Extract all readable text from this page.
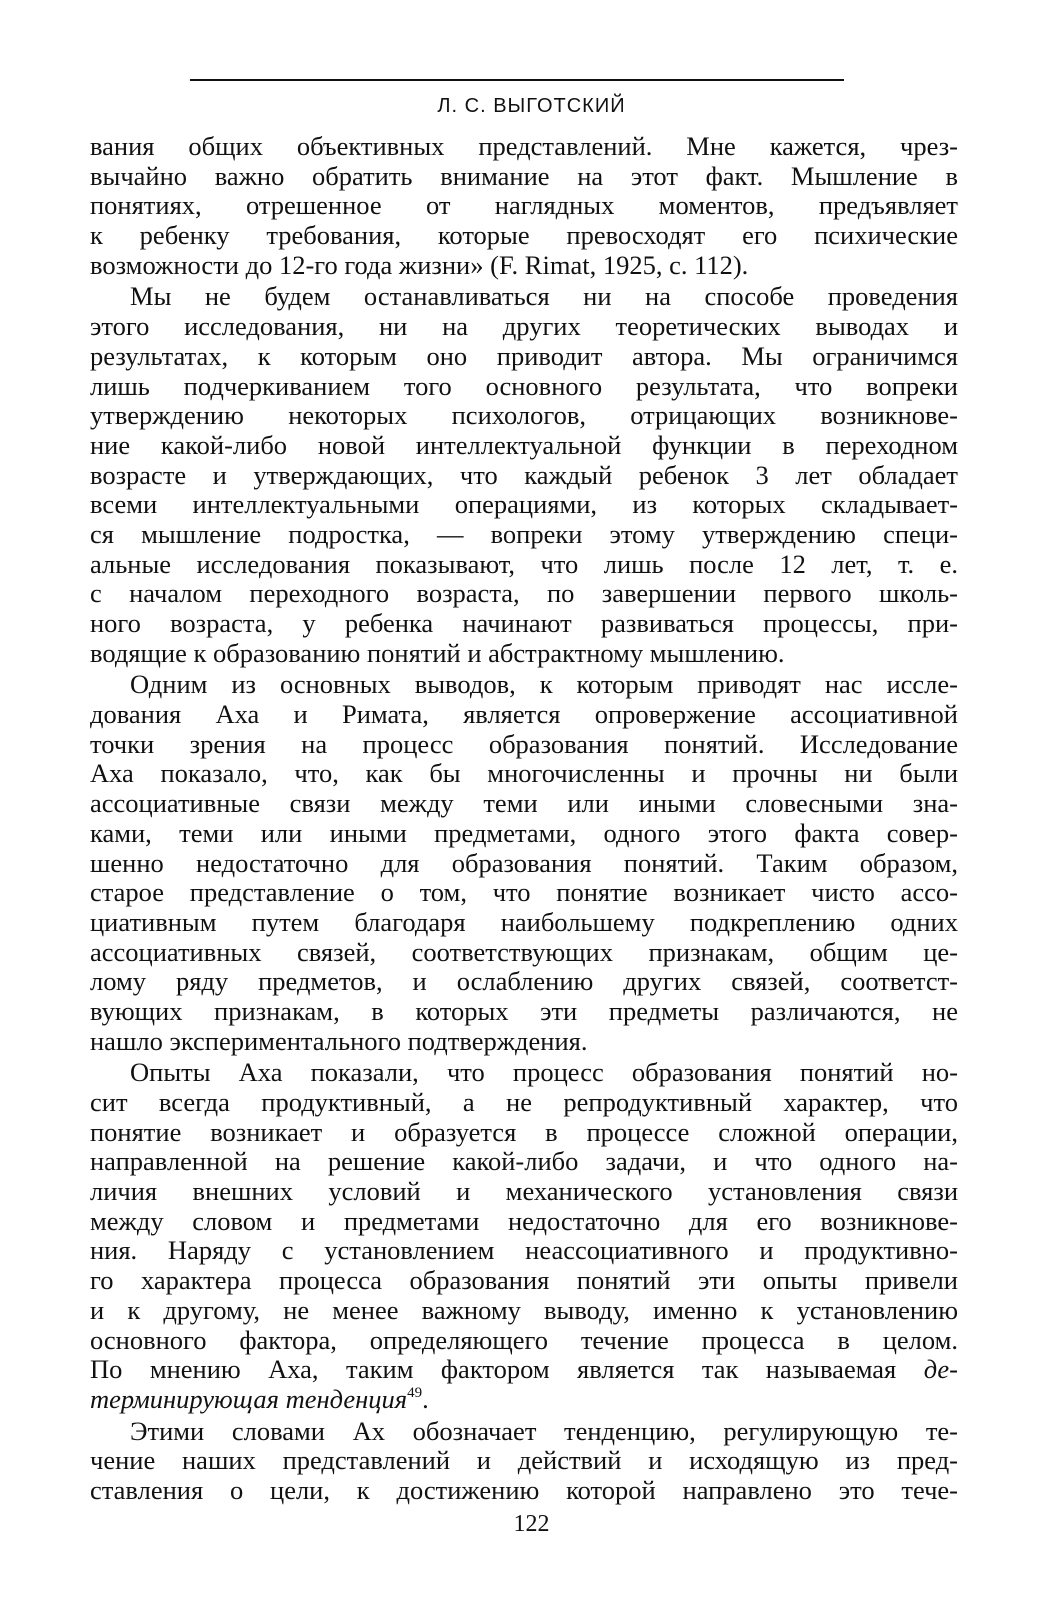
Л. С. ВЫГОТСКИЙ

вания общих объективных представлений. Мне кажется, чрез-
вычайно важно обратить внимание на этот факт. Мышление в
понятиях, отрешенное от наглядных моментов, предъявляет
к ребенку требования, которые превосходят его психические
возможности до 12-го года жизни» (F. Rimat, 1925, с. 112).

Мы не будем останавливаться ни на способе проведения
этого исследования, ни на других теоретических выводах и
результатах, к которым оно приводит автора. Мы ограничимся
лишь подчеркиванием того основного результата, что вопреки
утверждению некоторых психологов, отрицающих возникнове-
ние какой-либо новой интеллектуальной функции в переходном
возрасте и утверждающих, что каждый ребенок 3 лет обладает
всеми интеллектуальными операциями, из которых складывает-
ся мышление подростка, — вопреки этому утверждению специ-
альные исследования показывают, что лишь после 12 лет, т. е.
с началом переходного возраста, по завершении первого школь-
ного возраста, у ребенка начинают развиваться процессы, при-
водящие к образованию понятий и абстрактному мышлению.

Одним из основных выводов, к которым приводят нас иссле-
дования Аха и Римата, является опровержение ассоциативной
точки зрения на процесс образования понятий. Исследование
Аха показало, что, как бы многочисленны и прочны ни были
ассоциативные связи между теми или иными словесными зна-
ками, теми или иными предметами, одного этого факта совер-
шенно недостаточно для образования понятий. Таким образом,
старое представление о том, что понятие возникает чисто ассо-
циативным путем благодаря наибольшему подкреплению одних
ассоциативных связей, соответствующих признакам, общим це-
лому ряду предметов, и ослаблению других связей, соответст-
вующих признакам, в которых эти предметы различаются, не
нашло экспериментального подтверждения.

Опыты Аха показали, что процесс образования понятий но-
сит всегда продуктивный, а не репродуктивный характер, что
понятие возникает и образуется в процессе сложной операции,
направленной на решение какой-либо задачи, и что одного на-
личия внешних условий и механического установления связи
между словом и предметами недостаточно для его возникнове-
ния. Наряду с установлением неассоциативного и продуктивно-
го характера процесса образования понятий эти опыты привели
и к другому, не менее важному выводу, именно к установлению
основного фактора, определяющего течение процесса в целом.
По мнению Аха, таким фактором является так называемая де-
терминирующая тенденция$^{49}$.

Этими словами Ах обозначает тенденцию, регулирующую те-
чение наших представлений и действий и исходящую из пред-
ставления о цели, к достижению которой направлено это тече-

122
